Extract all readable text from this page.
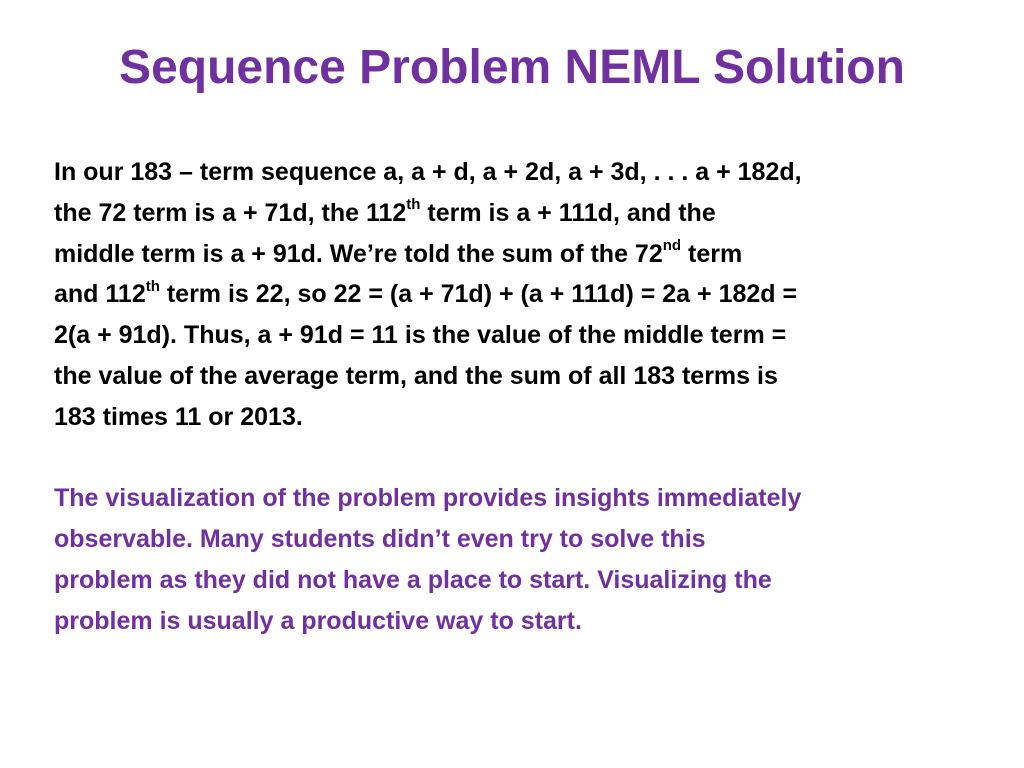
Sequence Problem NEML Solution

In our 183 – term sequence a, a + d, a + 2d, a + 3d, . . . a + 182d,
the 72 term is a + 71d, the 112th term is a + 111d, and the
middle term is a + 91d. We’re told the sum of the 72nd term
and 112th term is 22, so 22 = (a + 71d) + (a + 111d) = 2a + 182d =
2(a + 91d). Thus, a + 91d = 11 is the value of the middle term =
the value of the average term, and the sum of all 183 terms is
183 times 11 or 2013.

The visualization of the problem provides insights immediately
observable. Many students didn’t even try to solve this
problem as they did not have a place to start. Visualizing the
problem is usually a productive way to start.
